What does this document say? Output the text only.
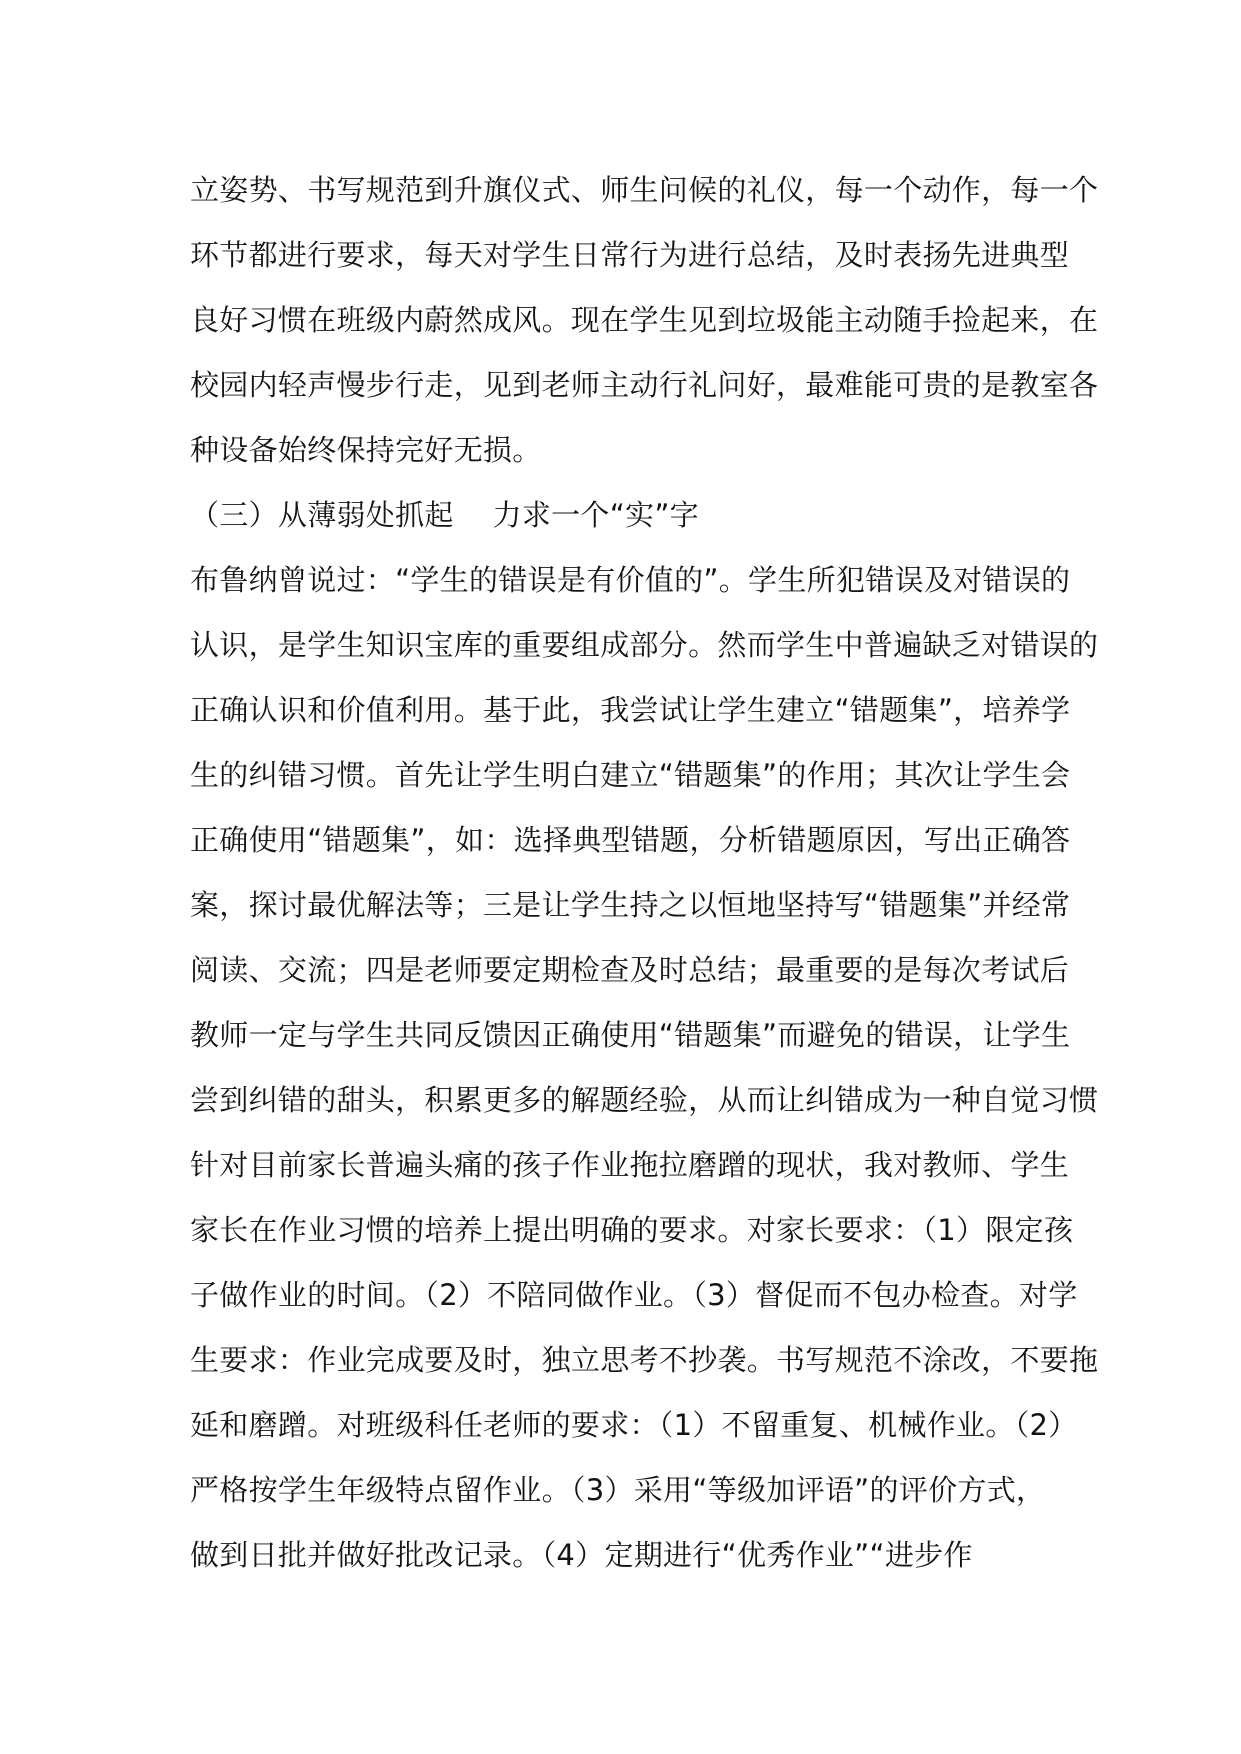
立姿势、书写规范到升旗仪式、师生问候的礼仪，每一个动作，每一个
环节都进行要求，每天对学生日常行为进行总结，及时表扬先进典型
良好习惯在班级内蔚然成风。现在学生见到垃圾能主动随手捡起来，在
校园内轻声慢步行走，见到老师主动行礼问好，最难能可贵的是教室各
种设备始终保持完好无损。
（三）从薄弱处抓起　 力求一个“实”字
布鲁纳曾说过：“学生的错误是有价值的”。学生所犯错误及对错误的
认识，是学生知识宝库的重要组成部分。然而学生中普遍缺乏对错误的
正确认识和价值利用。基于此，我尝试让学生建立“错题集”，培养学
生的纠错习惯。首先让学生明白建立“错题集”的作用；其次让学生会
正确使用“错题集”，如：选择典型错题，分析错题原因，写出正确答
案，探讨最优解法等；三是让学生持之以恒地坚持写“错题集”并经常
阅读、交流；四是老师要定期检查及时总结；最重要的是每次考试后
教师一定与学生共同反馈因正确使用“错题集”而避免的错误，让学生
尝到纠错的甜头，积累更多的解题经验，从而让纠错成为一种自觉习惯
针对目前家长普遍头痛的孩子作业拖拉磨蹭的现状，我对教师、学生
家长在作业习惯的培养上提出明确的要求。对家长要求：（1）限定孩
子做作业的时间。（2）不陪同做作业。（3）督促而不包办检查。对学
生要求：作业完成要及时，独立思考不抄袭。书写规范不涂改，不要拖
延和磨蹭。对班级科任老师的要求：（1）不留重复、机械作业。（2）
严格按学生年级特点留作业。（3）采用“等级加评语”的评价方式，
做到日批并做好批改记录。（4）定期进行“优秀作业”“进步作
